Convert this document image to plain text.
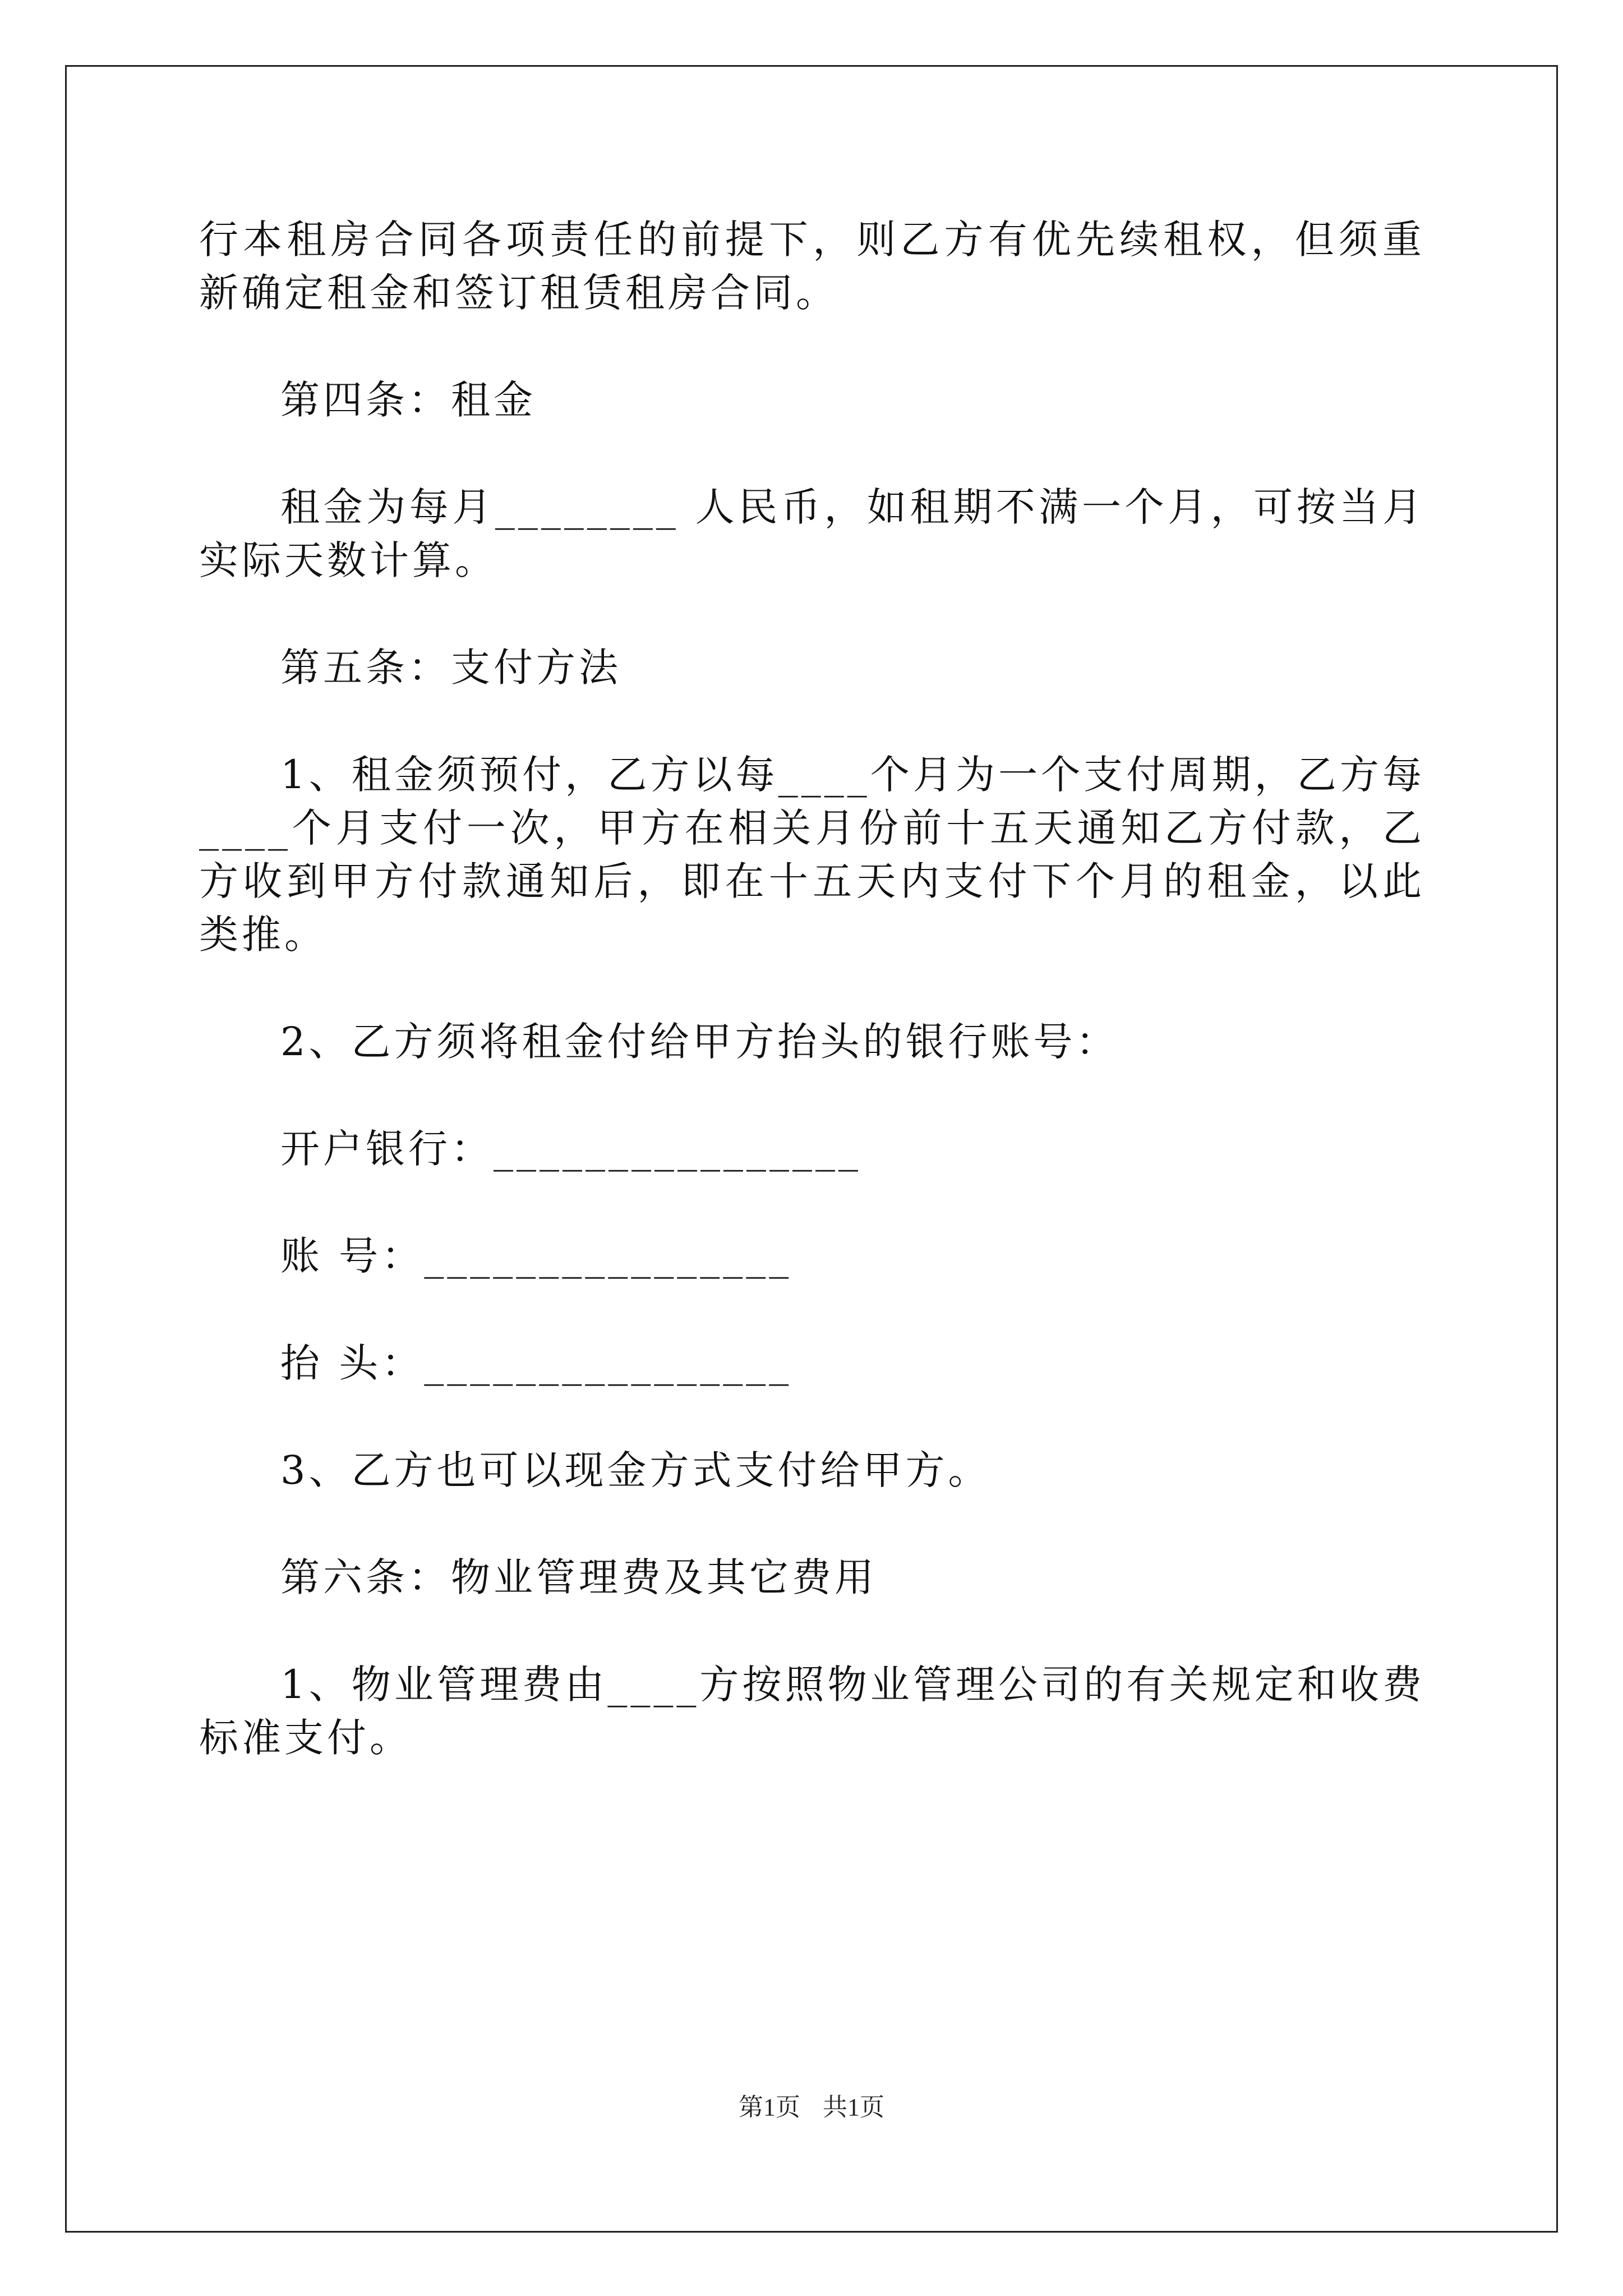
行本租房合同各项责任的前提下，则乙方有优先续租权，但须重新确定租金和签订租赁租房合同。

第四条：租金

租金为每月________ 人民币，如租期不满一个月，可按当月实际天数计算。

第五条：支付方法

1、租金须预付，乙方以每____个月为一个支付周期，乙方每____个月支付一次，甲方在相关月份前十五天通知乙方付款，乙方收到甲方付款通知后，即在十五天内支付下个月的租金，以此类推。

2、乙方须将租金付给甲方抬头的银行账号：

开户银行：________________

账 号：________________

抬 头：________________

3、乙方也可以现金方式支付给甲方。

第六条：物业管理费及其它费用

1、物业管理费由____方按照物业管理公司的有关规定和收费标准支付。

第1页 共1页
